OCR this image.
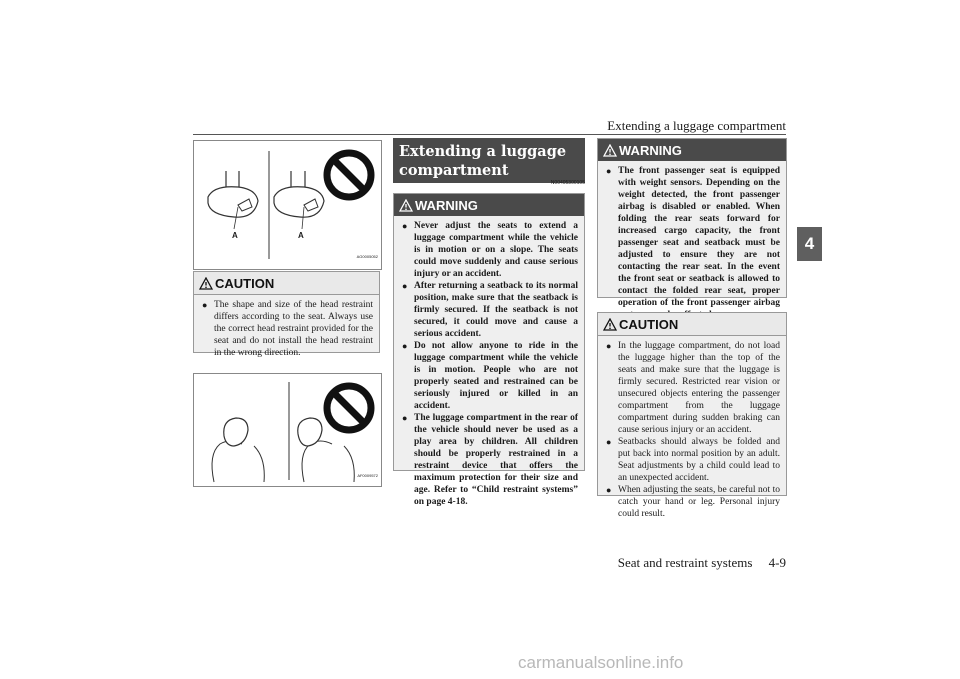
Extending a luggage compartment
4
A	A
AG0005052
CAUTION
● The shape and size of the head restraint differs according to the seat. Always use the correct head restraint provided for the seat and do not install the head restraint in the wrong direction.
AF0009572
Extending a luggage compartment
N00405300105
WARNING
● Never adjust the seats to extend a luggage compartment while the vehicle is in motion or on a slope. The seats could move suddenly and cause serious injury or an accident.
● After returning a seatback to its normal position, make sure that the seatback is firmly secured. If the seatback is not secured, it could move and cause a serious accident.
● Do not allow anyone to ride in the luggage compartment while the vehicle is in motion. People who are not properly seated and restrained can be seriously injured or killed in an accident.
● The luggage compartment in the rear of the vehicle should never be used as a play area by children. All children should be properly restrained in a restraint device that offers the maximum protection for their size and age. Refer to “Child restraint systems” on page 4-18.
WARNING
● The front passenger seat is equipped with weight sensors. Depending on the weight detected, the front passenger airbag is disabled or enabled. When folding the rear seats forward for increased cargo capacity, the front passenger seat and seatback must be adjusted to ensure they are not contacting the rear seat. In the event the front seat or seatback is allowed to contact the folded rear seat, proper operation of the front passenger airbag
CAUTION
● In the luggage compartment, do not load the luggage higher than the top of the seats and make sure that the luggage is firmly secured. Restricted rear vision or unsecured objects entering the passenger compartment from the luggage compartment during sudden braking can cause serious injury or an accident.
● Seatbacks should always be folded and put back into normal position by an adult. Seat adjustments by a child could lead to an unexpected accident.
● When adjusting the seats, be careful not to catch your hand or leg. Personal injury could result.
Seat and restraint systems 4-9
carmanualsonline.info
